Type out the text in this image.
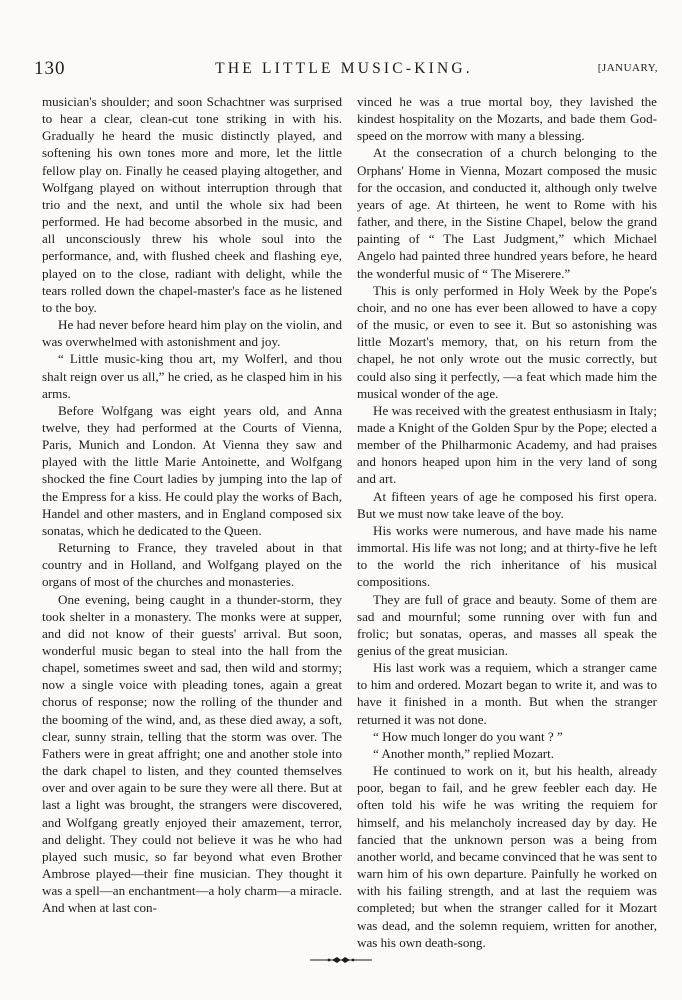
130	THE LITTLE MUSIC-KING.	[JANUARY,

musician's shoulder; and soon Schachtner was surprised to hear a clear, clean-cut tone striking in with his. Gradually he heard the music distinctly played, and softening his own tones more and more, let the little fellow play on. Finally he ceased playing altogether, and Wolfgang played on without interruption through that trio and the next, and until the whole six had been performed. He had become absorbed in the music, and all unconsciously threw his whole soul into the performance, and, with flushed cheek and flashing eye, played on to the close, radiant with delight, while the tears rolled down the chapel-master's face as he listened to the boy.

He had never before heard him play on the violin, and was overwhelmed with astonishment and joy.

“ Little music-king thou art, my Wolferl, and thou shalt reign over us all,” he cried, as he clasped him in his arms.

Before Wolfgang was eight years old, and Anna twelve, they had performed at the Courts of Vienna, Paris, Munich and London. At Vienna they saw and played with the little Marie Antoinette, and Wolfgang shocked the fine Court ladies by jumping into the lap of the Empress for a kiss. He could play the works of Bach, Handel and other masters, and in England composed six sonatas, which he dedicated to the Queen.

Returning to France, they traveled about in that country and in Holland, and Wolfgang played on the organs of most of the churches and monasteries.

One evening, being caught in a thunder-storm, they took shelter in a monastery. The monks were at supper, and did not know of their guests' arrival. But soon, wonderful music began to steal into the hall from the chapel, sometimes sweet and sad, then wild and stormy; now a single voice with pleading tones, again a great chorus of response; now the rolling of the thunder and the booming of the wind, and, as these died away, a soft, clear, sunny strain, telling that the storm was over. The Fathers were in great affright; one and another stole into the dark chapel to listen, and they counted themselves over and over again to be sure they were all there. But at last a light was brought, the strangers were discovered, and Wolfgang greatly enjoyed their amazement, terror, and delight. They could not believe it was he who had played such music, so far beyond what even Brother Ambrose played—their fine musician. They thought it was a spell—an enchantment—a holy charm—a miracle. And when at last con-

vinced he was a true mortal boy, they lavished the kindest hospitality on the Mozarts, and bade them God-speed on the morrow with many a blessing.

At the consecration of a church belonging to the Orphans' Home in Vienna, Mozart composed the music for the occasion, and conducted it, although only twelve years of age. At thirteen, he went to Rome with his father, and there, in the Sistine Chapel, below the grand painting of “ The Last Judgment,” which Michael Angelo had painted three hundred years before, he heard the wonderful music of “ The Miserere.”

This is only performed in Holy Week by the Pope's choir, and no one has ever been allowed to have a copy of the music, or even to see it. But so astonishing was little Mozart's memory, that, on his return from the chapel, he not only wrote out the music correctly, but could also sing it perfectly, —a feat which made him the musical wonder of the age.

He was received with the greatest enthusiasm in Italy; made a Knight of the Golden Spur by the Pope; elected a member of the Philharmonic Academy, and had praises and honors heaped upon him in the very land of song and art.

At fifteen years of age he composed his first opera. But we must now take leave of the boy.

His works were numerous, and have made his name immortal. His life was not long; and at thirty-five he left to the world the rich inheritance of his musical compositions.

They are full of grace and beauty. Some of them are sad and mournful; some running over with fun and frolic; but sonatas, operas, and masses all speak the genius of the great musician.

His last work was a requiem, which a stranger came to him and ordered. Mozart began to write it, and was to have it finished in a month. But when the stranger returned it was not done.

“ How much longer do you want ? ”

“ Another month,” replied Mozart.

He continued to work on it, but his health, already poor, began to fail, and he grew feebler each day. He often told his wife he was writing the requiem for himself, and his melancholy increased day by day. He fancied that the unknown person was a being from another world, and became convinced that he was sent to warn him of his own departure. Painfully he worked on with his failing strength, and at last the requiem was completed; but when the stranger called for it Mozart was dead, and the solemn requiem, written for another, was his own death-song.
